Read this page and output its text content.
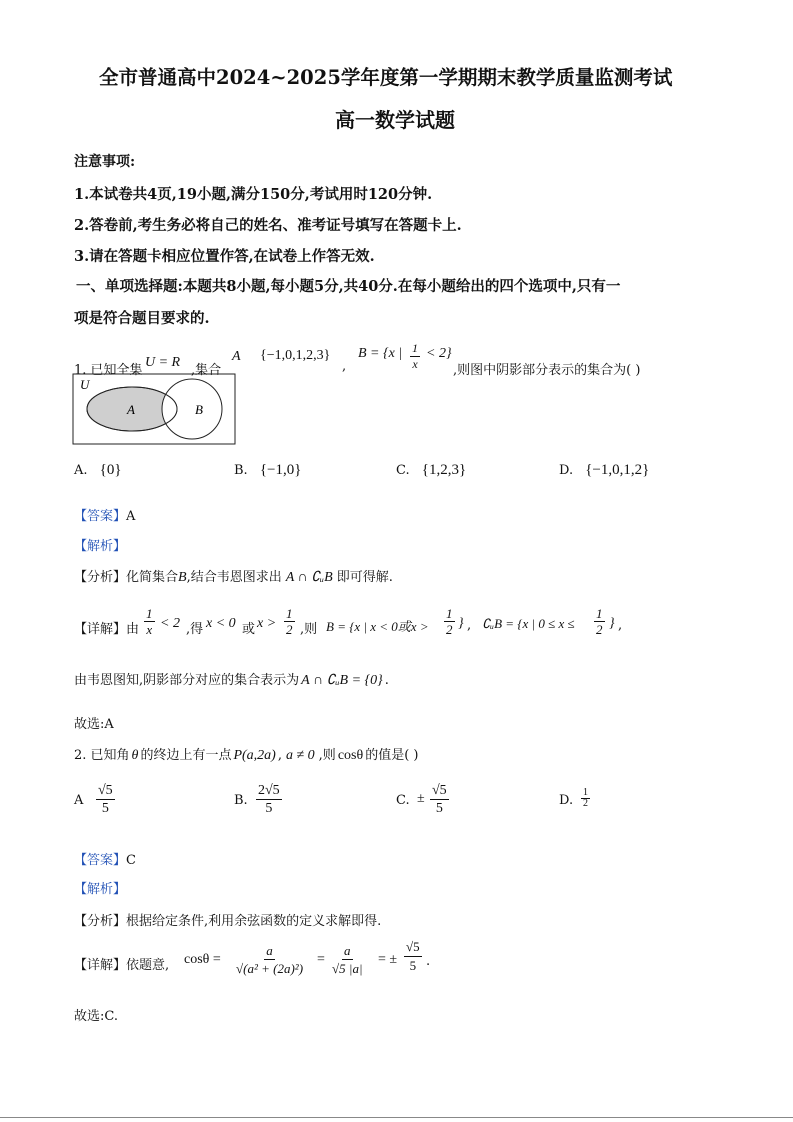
全市普通高中2024~2025学年度第一学期期末教学质量监测考试
高一数学试题
注意事项:
1.本试卷共4页,19小题,满分150分,考试用时120分钟.
2.答卷前,考生务必将自己的姓名、准考证号填写在答题卡上.
3.请在答题卡相应位置作答,在试卷上作答无效.
一、单项选择题:本题共8小题,每小题5分,共40分.在每小题给出的四个选项中,只有一
项是符合题目要求的.
1. 已知全集
U = R
,集合
A {−1,0,1,2,3}
,
B = {x | $\frac{1}{x} < 2$}
,则图中阴影部分表示的集合为( )
U
A	B
A. {0}	B. {−1,0}	C. {1,2,3}	D. {−1,0,1,2}
【答案】A
【解析】
【分析】化简集合B,结合韦恩图求出 A ∩ ∁ᵤB 即可得解.
【详解】 由 $\frac{1}{x} < 2$ ,得 x < 0 或 $x > \frac{1}{2}$ ,则 B = {x | x < 0或$x > \frac{1}{2}$ } , ∁ᵤB = {x | $0 \le x \le \frac{1}{2}$ } ,
由韦恩图知,阴影部分对应的集合表示为 A ∩ ∁ᵤB = {0} .
故选:A
2. 已知角 θ 的终边上有一点 P(a,2a) , a ≠ 0 ,则 cosθ 的值是( )
A $\frac{√5}{5}$	B. $\frac{2√5}{5}$	C. ± $\frac{√5}{5}$	D. $\frac{1}{2}$
【答案】C
【解析】
【分析】根据给定条件,利用余弦函数的定义求解即得.
【详解】 依题意, $\cos\theta = \frac{a}{\text{√(a² + (2a)²)}} = \frac{a}{√5 |a|}$ = ± $\frac{√5}{5}$ .
故选:C.
